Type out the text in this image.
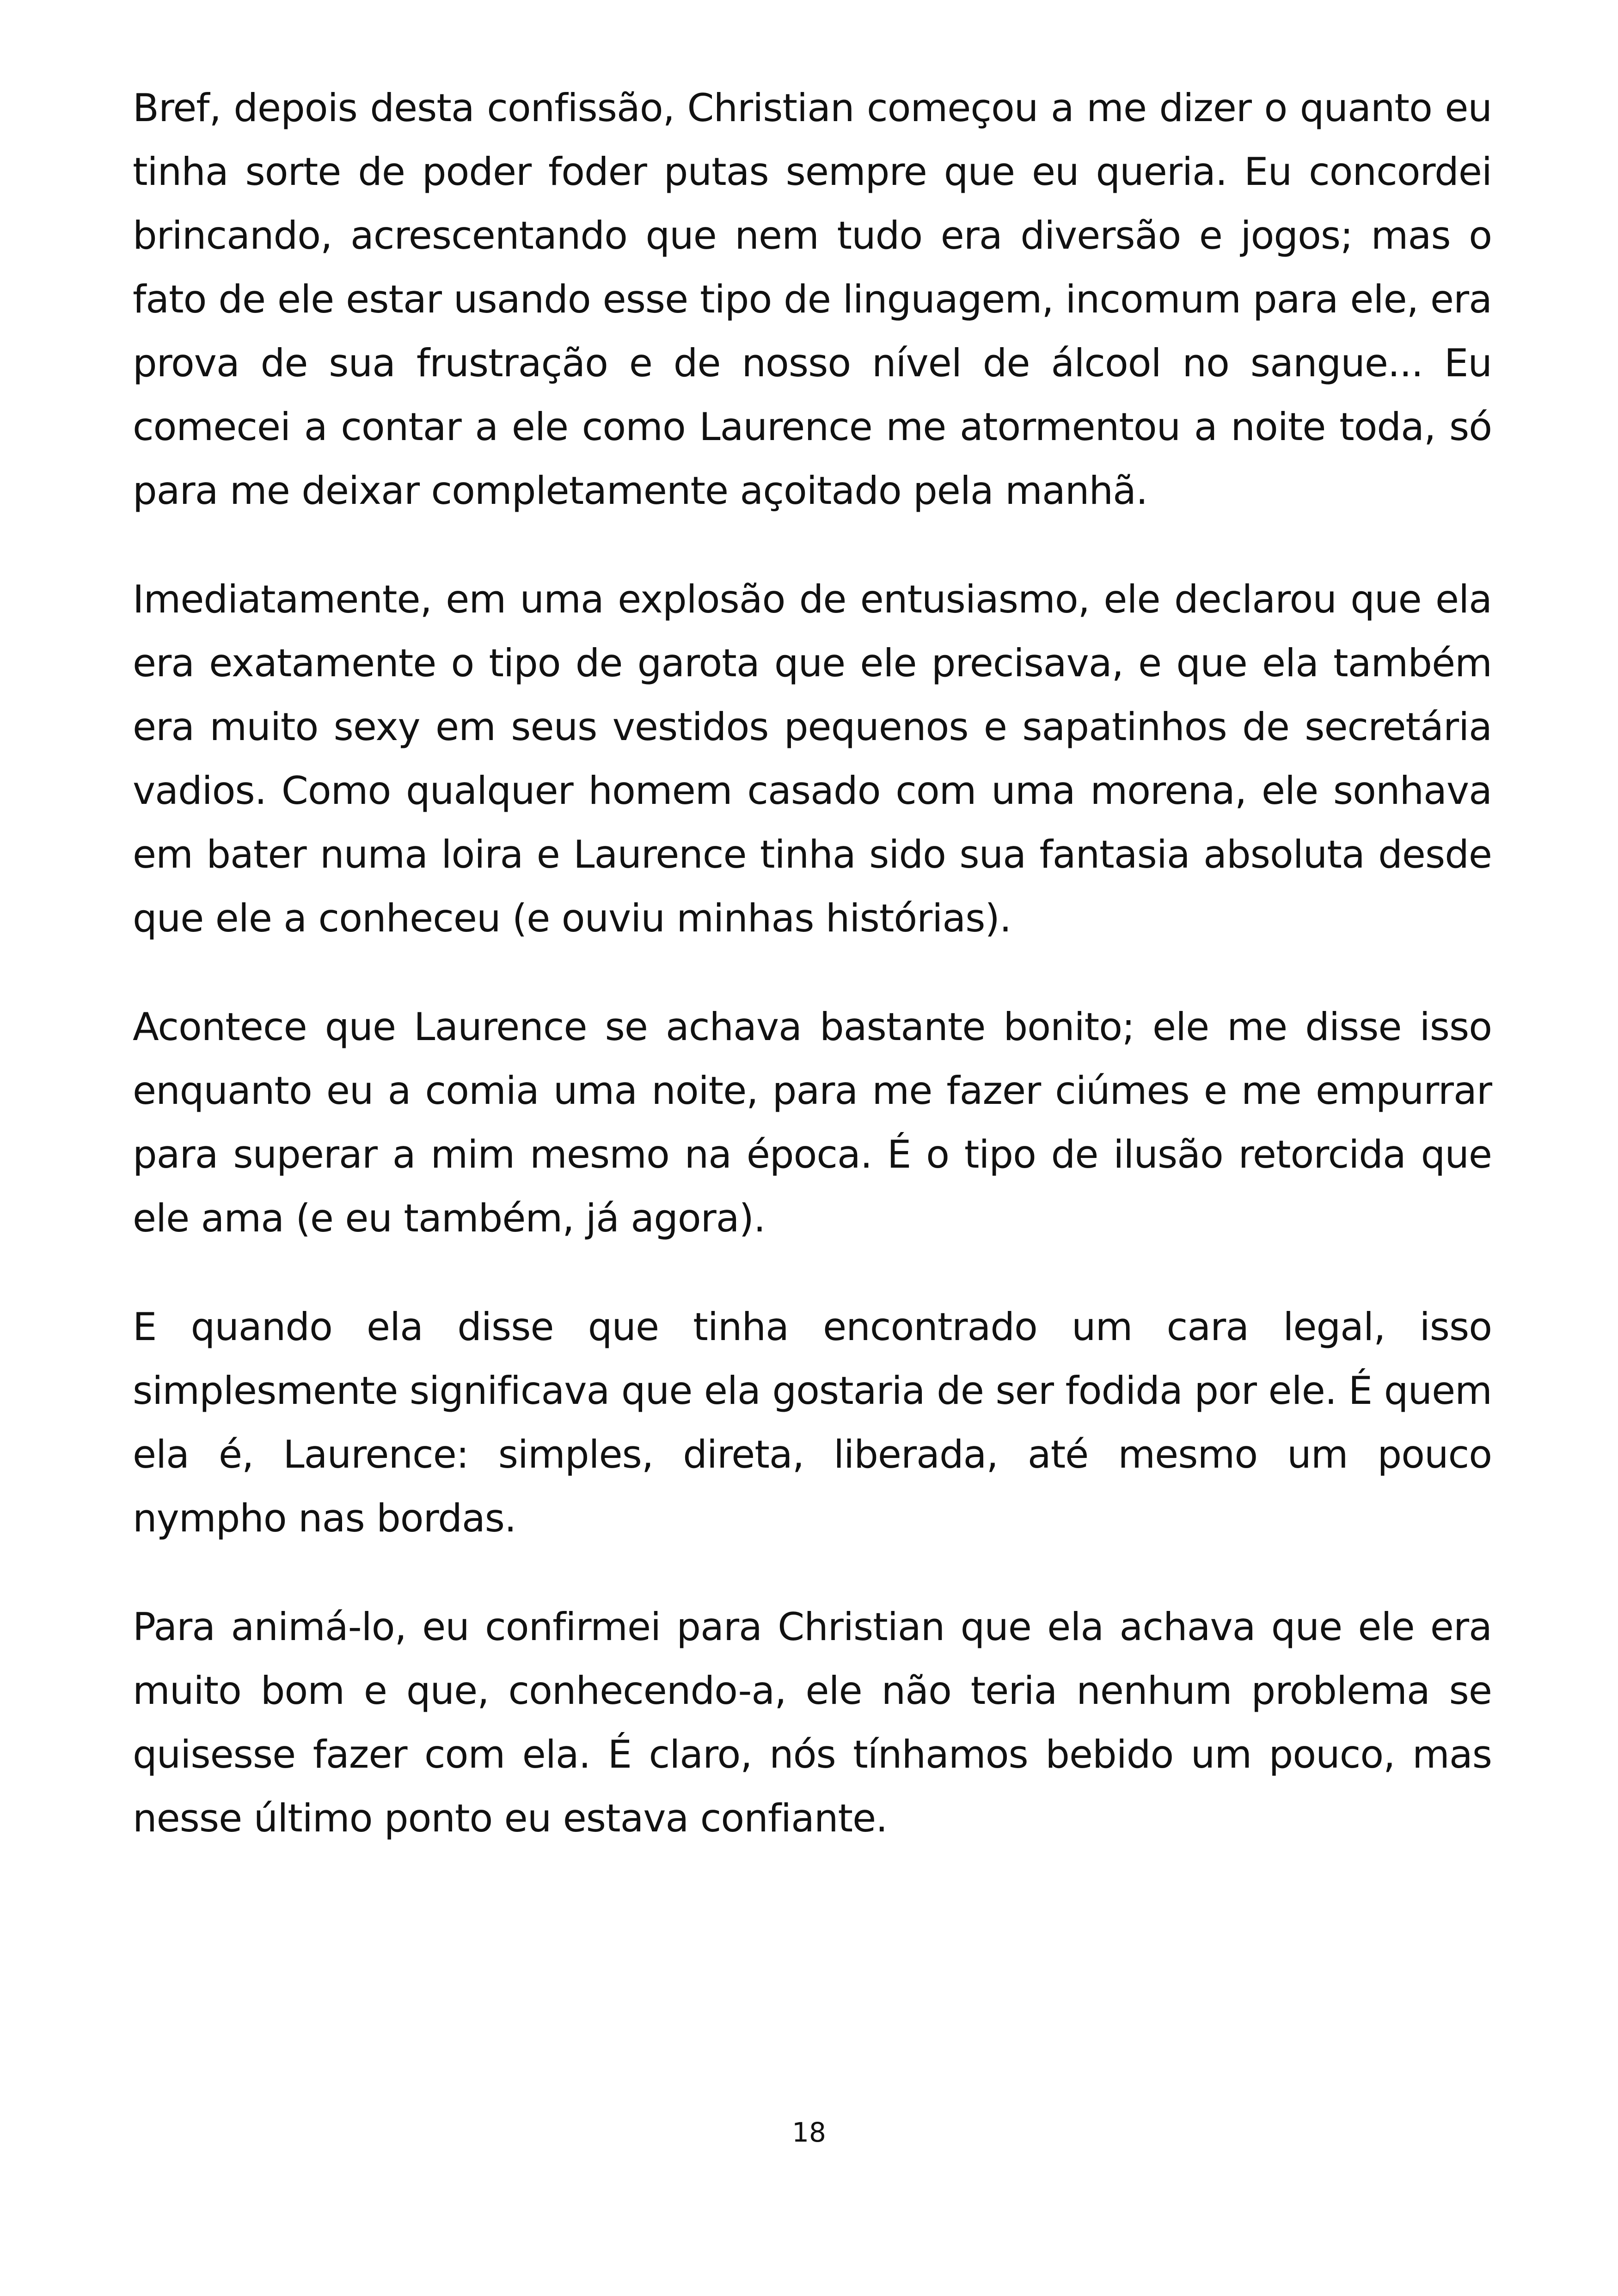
Bref, depois desta confissão, Christian começou a me dizer o quanto eu tinha sorte de poder foder putas sempre que eu queria. Eu concordei brincando, acrescentando que nem tudo era diversão e jogos; mas o fato de ele estar usando esse tipo de linguagem, incomum para ele, era prova de sua frustração e de nosso nível de álcool no sangue... Eu comecei a contar a ele como Laurence me atormentou a noite toda, só para me deixar completamente açoitado pela manhã.

Imediatamente, em uma explosão de entusiasmo, ele declarou que ela era exatamente o tipo de garota que ele precisava, e que ela também era muito sexy em seus vestidos pequenos e sapatinhos de secretária vadios. Como qualquer homem casado com uma morena, ele sonhava em bater numa loira e Laurence tinha sido sua fantasia absoluta desde que ele a conheceu (e ouviu minhas histórias).

Acontece que Laurence se achava bastante bonito; ele me disse isso enquanto eu a comia uma noite, para me fazer ciúmes e me empurrar para superar a mim mesmo na época. É o tipo de ilusão retorcida que ele ama (e eu também, já agora).

E quando ela disse que tinha encontrado um cara legal, isso simplesmente significava que ela gostaria de ser fodida por ele. É quem ela é, Laurence: simples, direta, liberada, até mesmo um pouco nympho nas bordas.

Para animá-lo, eu confirmei para Christian que ela achava que ele era muito bom e que, conhecendo-a, ele não teria nenhum problema se quisesse fazer com ela. É claro, nós tínhamos bebido um pouco, mas nesse último ponto eu estava confiante.

18
